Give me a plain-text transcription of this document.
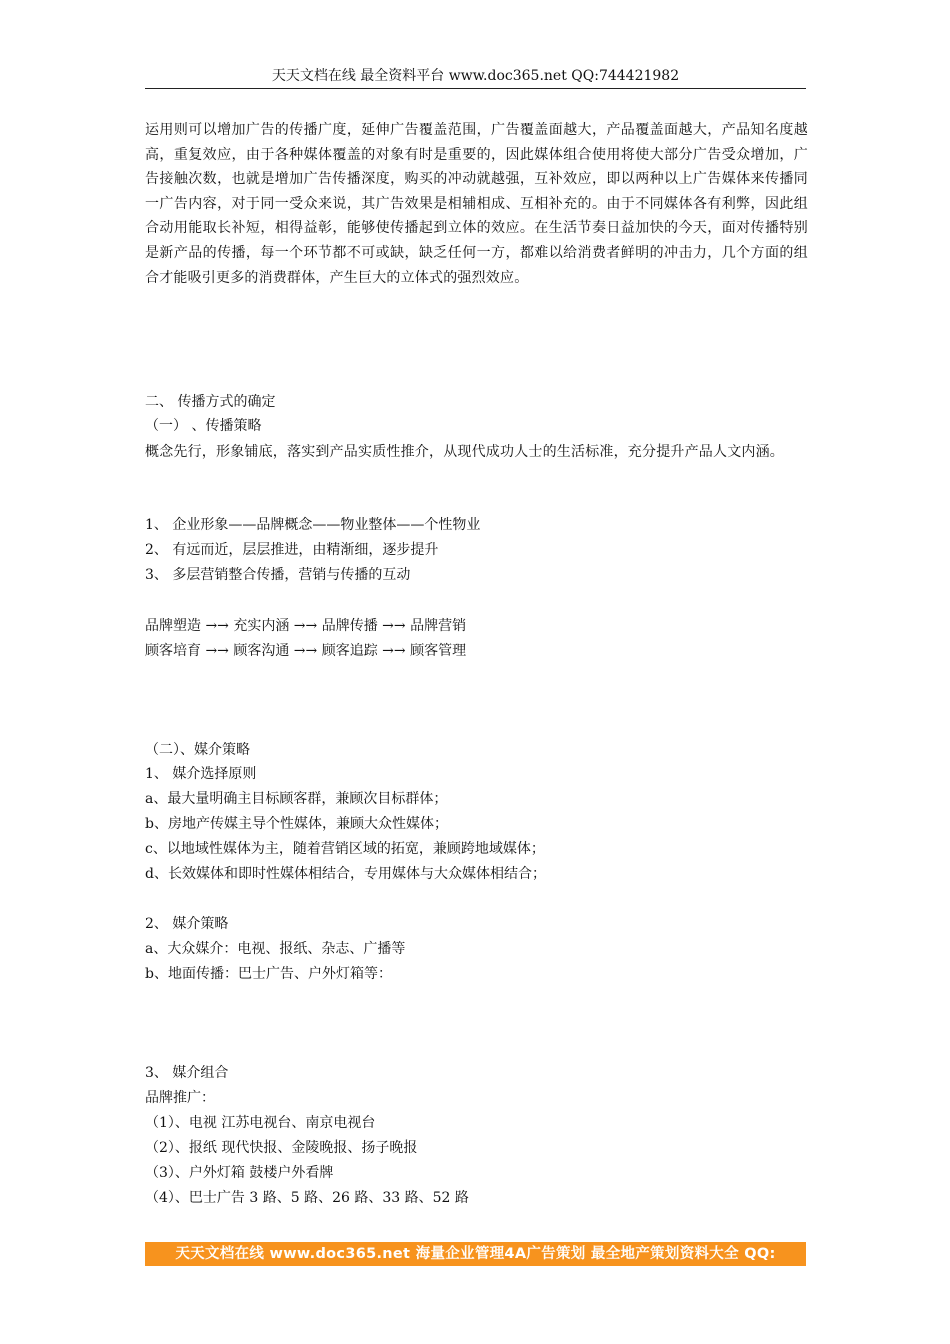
天天文档在线 最全资料平台 www.doc365.net QQ:744421982

运用则可以增加广告的传播广度，延伸广告覆盖范围，广告覆盖面越大，产品覆盖面越大，产品知名度越高，重复效应，由于各种媒体覆盖的对象有时是重要的，因此媒体组合使用将使大部分广告受众增加，广告接触次数，也就是增加广告传播深度，购买的冲动就越强，互补效应，即以两种以上广告媒体来传播同一广告内容，对于同一受众来说，其广告效果是相辅相成、互相补充的。由于不同媒体各有利弊，因此组合动用能取长补短，相得益彰，能够使传播起到立体的效应。在生活节奏日益加快的今天，面对传播特别是新产品的传播，每一个环节都不可或缺，缺乏任何一方，都难以给消费者鲜明的冲击力，几个方面的组合才能吸引更多的消费群体，产生巨大的立体式的强烈效应。

二、 传播方式的确定
（一） 、传播策略

概念先行，形象铺底，落实到产品实质性推介，从现代成功人士的生活标准，充分提升产品人文内涵。

1、 企业形象——品牌概念——物业整体——个性物业
2、 有远而近，层层推进，由精渐细，逐步提升
3、 多层营销整合传播，营销与传播的互动
品牌塑造 →→ 充实内涵 →→ 品牌传播 →→ 品牌营销
顾客培育 →→ 顾客沟通 →→ 顾客追踪 →→ 顾客管理
（二）、媒介策略
1、 媒介选择原则
a、最大量明确主目标顾客群，兼顾次目标群体；
b、房地产传媒主导个性媒体，兼顾大众性媒体；
c、以地域性媒体为主，随着营销区域的拓宽，兼顾跨地域媒体；
d、长效媒体和即时性媒体相结合，专用媒体与大众媒体相结合；
2、 媒介策略
a、大众媒介：电视、报纸、杂志、广播等
b、地面传播：巴士广告、户外灯箱等：
3、 媒介组合
品牌推广：
（1）、电视 江苏电视台、南京电视台
（2）、报纸 现代快报、金陵晚报、扬子晚报
（3）、户外灯箱 鼓楼户外看牌
（4）、巴士广告 3 路、5 路、26 路、33 路、52 路
天天文档在线 www.doc365.net 海量企业管理4A广告策划 最全地产策划资料大全 QQ: 744421982
